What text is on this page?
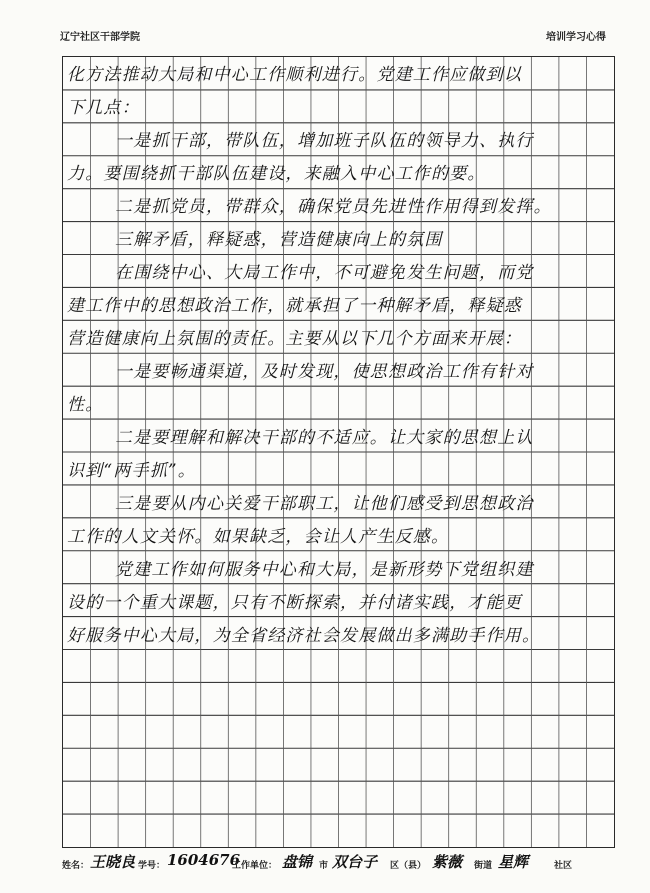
辽宁社区干部学院	培训学习心得
化方法推动大局和中心工作顺利进行。党建工作应做到以
下几点：
一是抓干部，带队伍，增加班子队伍的领导力、执行
力。要围绕抓干部队伍建设，来融入中心工作的要。
二是抓党员，带群众，确保党员先进性作用得到发挥。
三解矛盾，释疑惑，营造健康向上的氛围
在围绕中心、大局工作中，不可避免发生问题，而党
建工作中的思想政治工作，就承担了一种解矛盾，释疑惑
营造健康向上氛围的责任。主要从以下几个方面来开展：
一是要畅通渠道，及时发现，使思想政治工作有针对
性。
二是要理解和解决干部的不适应。让大家的思想上认
识到“两手抓”。
三是要从内心关爱干部职工，让他们感受到思想政治
工作的人文关怀。如果缺乏，会让人产生反感。
党建工作如何服务中心和大局，是新形势下党组织建
设的一个重大课题，只有不断探索，并付诸实践，才能更
好服务中心大局，为全省经济社会发展做出多满助手作用。
姓名： 王晓良 学号： 1604676
工作单位： 盘锦 市 双台子 区（县） 紫薇 街道 星辉	社区
